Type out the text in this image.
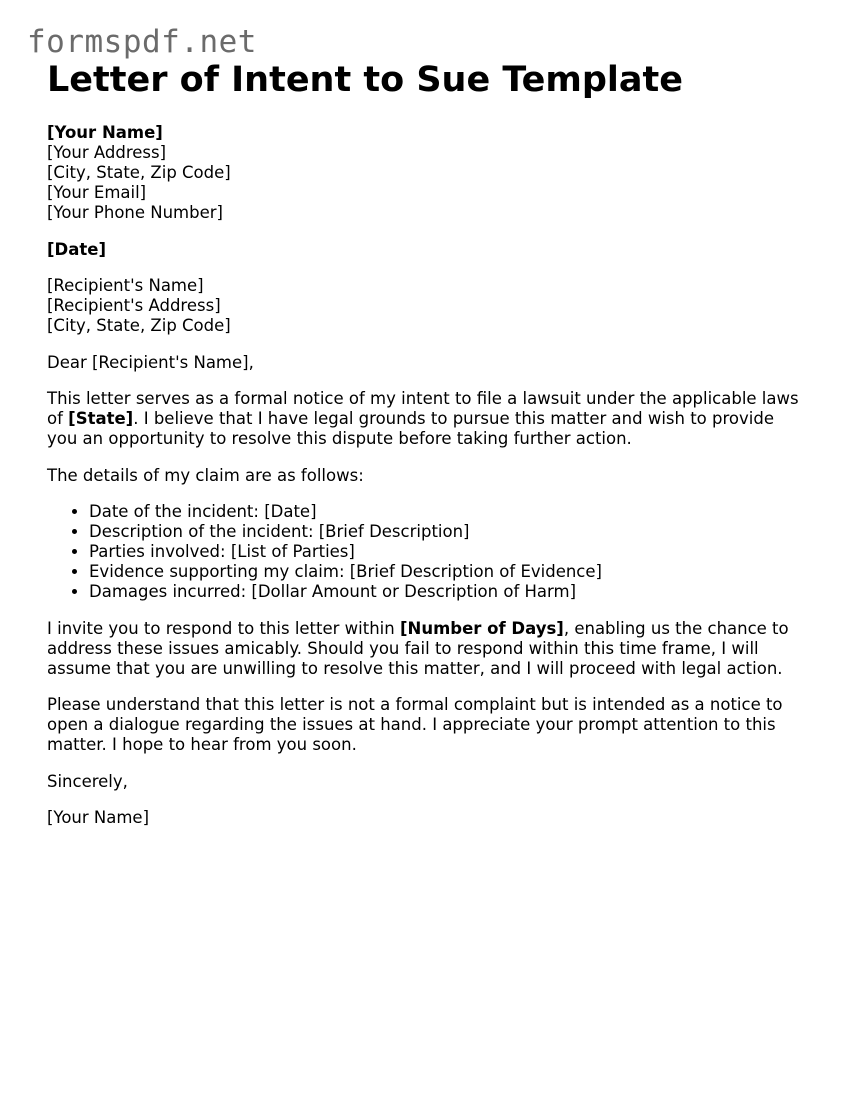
formspdf.net
Letter of Intent to Sue Template
[Your Name]
[Your Address]
[City, State, Zip Code]
[Your Email]
[Your Phone Number]
[Date]
[Recipient's Name]
[Recipient's Address]
[City, State, Zip Code]
Dear [Recipient's Name],
This letter serves as a formal notice of my intent to file a lawsuit under the applicable laws
of [State]. I believe that I have legal grounds to pursue this matter and wish to provide
you an opportunity to resolve this dispute before taking further action.
The details of my claim are as follows:
• Date of the incident: [Date]
• Description of the incident: [Brief Description]
• Parties involved: [List of Parties]
• Evidence supporting my claim: [Brief Description of Evidence]
• Damages incurred: [Dollar Amount or Description of Harm]
I invite you to respond to this letter within [Number of Days], enabling us the chance to
address these issues amicably. Should you fail to respond within this time frame, I will
assume that you are unwilling to resolve this matter, and I will proceed with legal action.
Please understand that this letter is not a formal complaint but is intended as a notice to
open a dialogue regarding the issues at hand. I appreciate your prompt attention to this
matter. I hope to hear from you soon.
Sincerely,
[Your Name]
